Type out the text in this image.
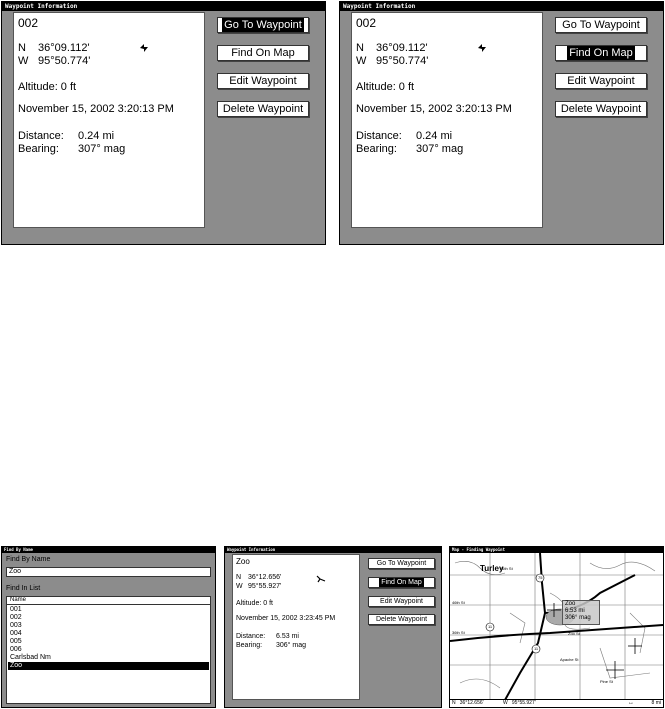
Waypoint Information
002
N 36°09.112'
W 95°50.774'
Altitude: 0 ft
November 15, 2002 3:20:13 PM
Distance: 0.24 mi
Bearing: 307° mag
Go To Waypoint
Find On Map
Edit Waypoint
Delete Waypoint
Waypoint Information
002
N 36°09.112'
W 95°50.774'
Altitude: 0 ft
November 15, 2002 3:20:13 PM
Distance: 0.24 mi
Bearing: 307° mag
Go To Waypoint
Find On Map
Edit Waypoint
Delete Waypoint
Find By Name
Find By Name
Zoo
Find In List
Name
001
002
003
004
005
006
Carlsbad Nm
Zoo
Waypoint Information
Zoo
N 36°12.656'
W 95°55.927'
Altitude: 0 ft
November 15, 2002 3:23:45 PM
Distance: 6.53 mi
Bearing: 306° mag
Go To Waypoint
Find On Map
Edit Waypoint
Delete Waypoint
Map - Finding Waypoint
Turley
56th St
46th St
36th St	Zoo St
Apache St
Pine St
75
11
11
Zoo
6.53 mi
306° mag
N   36°12.656'	W   95°55.927'	↔	8 mi
